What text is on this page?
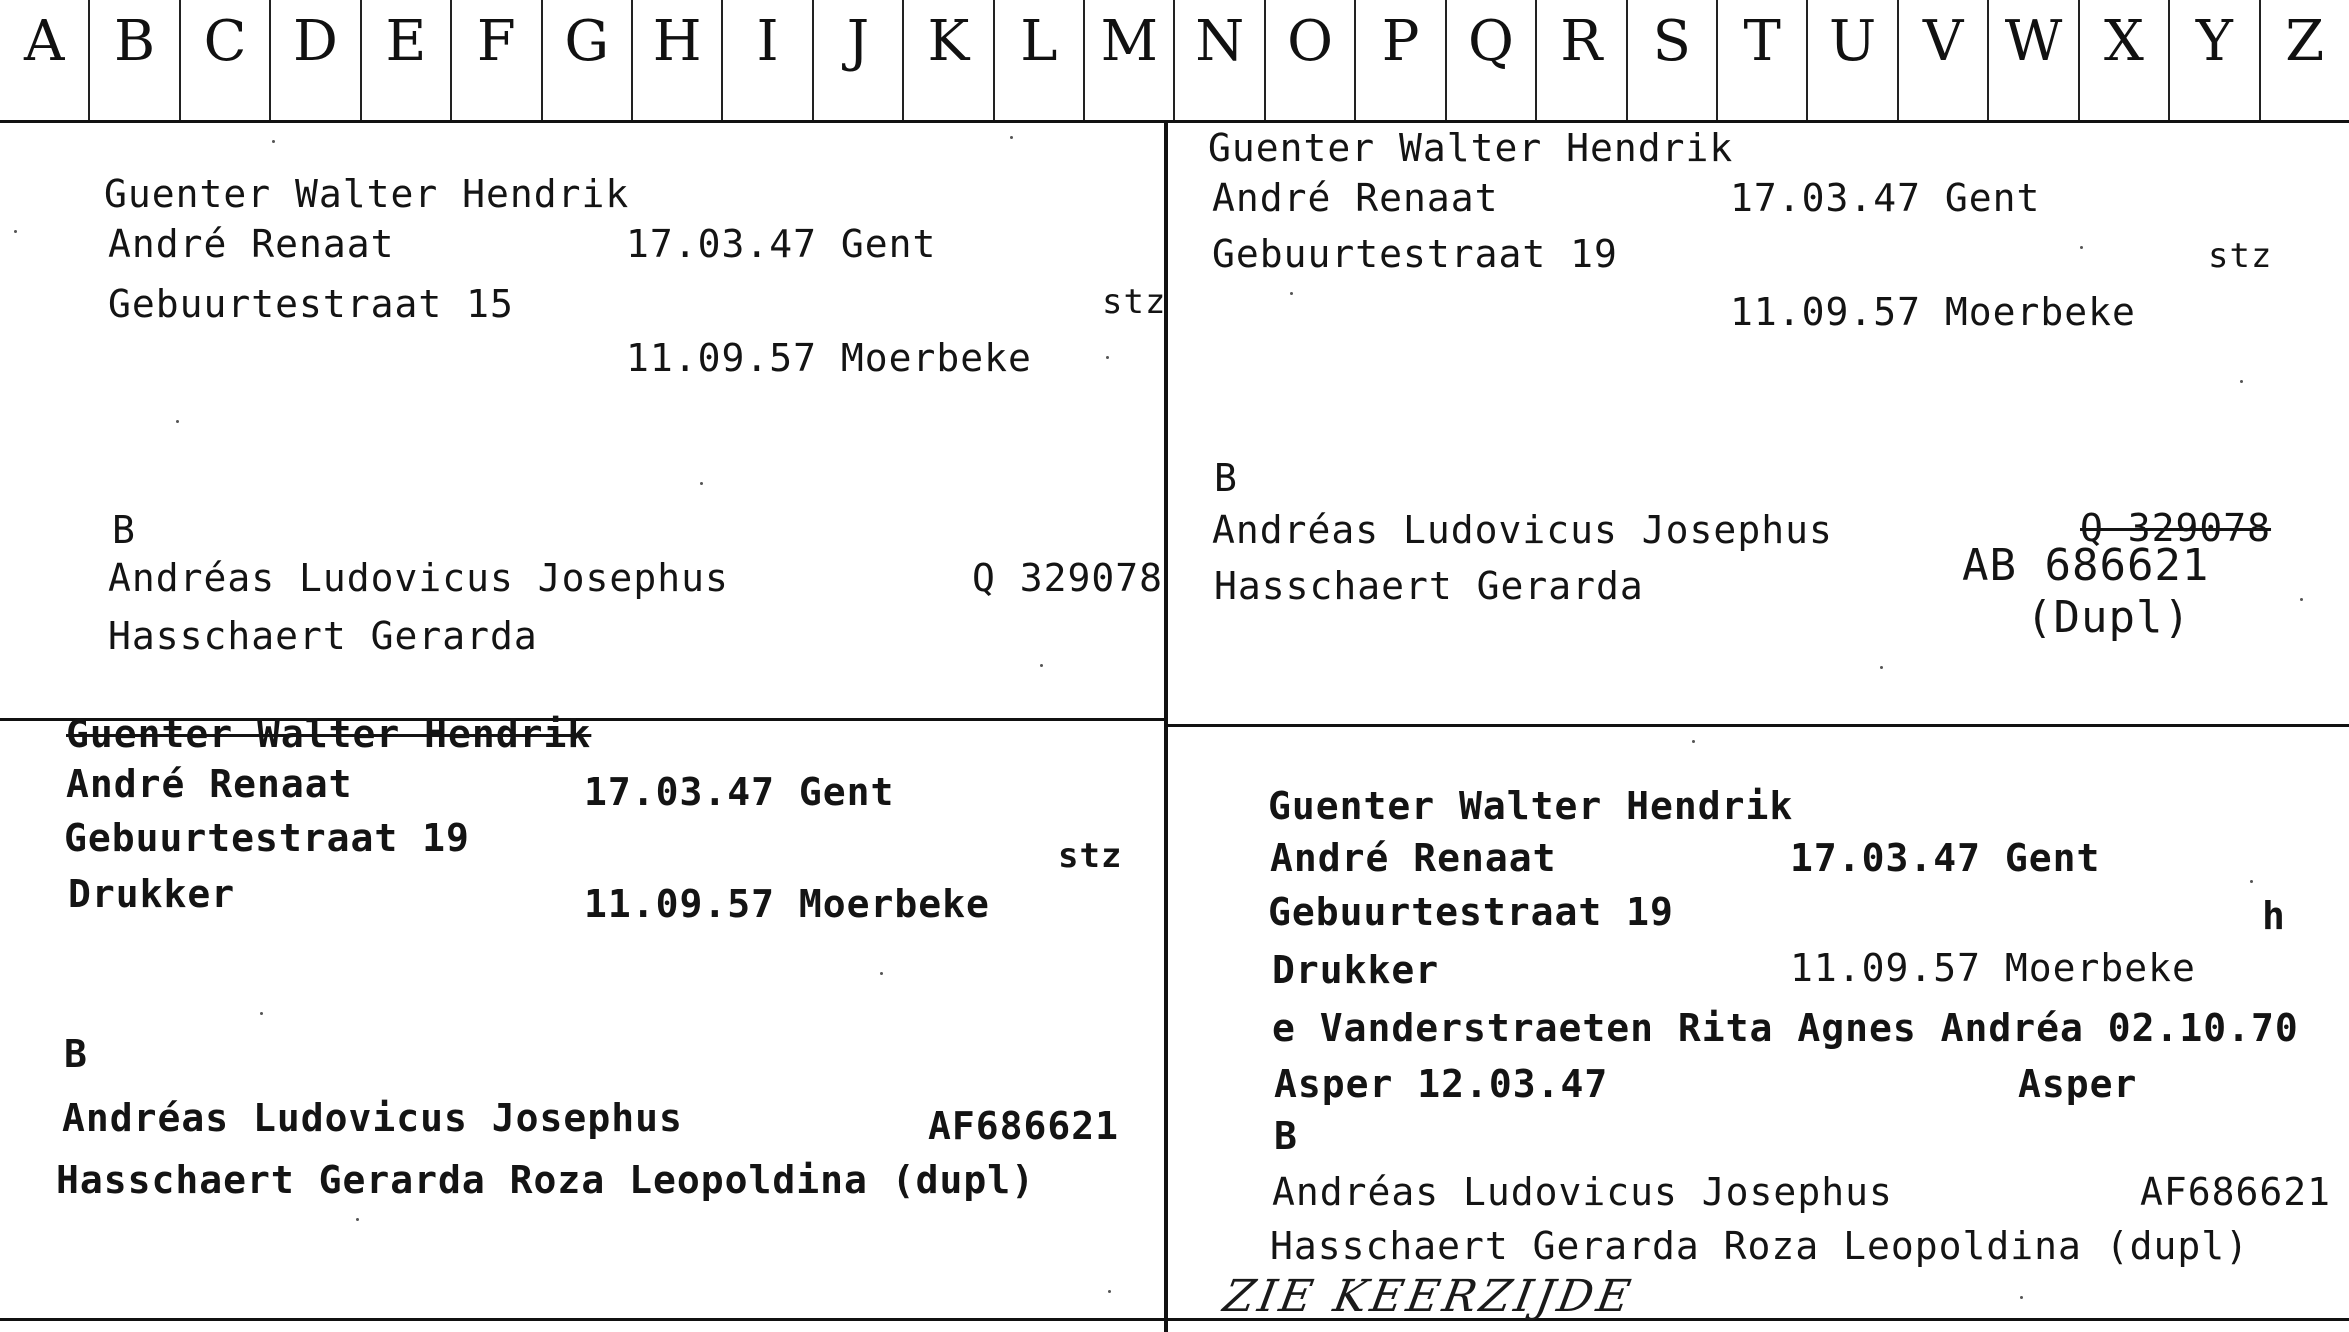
A B C D E F G H I	J	K L M N O P Q R S T U V W X Y Z
Guenter Walter Hendrik
André Renaat	17.03.47 Gent
Gebuurtestraat 15	stz
11.09.57 Moerbeke
B
Andréas Ludovicus Josephus	Q 329078
Hasschaert Gerarda
Guenter Walter Hendrik
André Renaat	17.03.47 Gent
Gebuurtestraat 19	stz
11.09.57 Moerbeke
B
Andréas Ludovicus Josephus	Q 329078
Hasschaert Gerarda	AB 686621
(Dupl)
Guenter Walter Hendrik
André Renaat	17.03.47 Gent
Gebuurtestraat 19	stz
Drukker	11.09.57 Moerbeke
B
Andréas Ludovicus Josephus	AF686621
Hasschaert Gerarda Roza Leopoldina (dupl)
Guenter Walter Hendrik
André Renaat	17.03.47 Gent
Gebuurtestraat 19	h
Drukker	11.09.57 Moerbeke
e Vanderstraeten Rita Agnes Andréa 02.10.70
Asper 12.03.47	Asper
B
Andréas Ludovicus Josephus	AF686621
Hasschaert Gerarda Roza Leopoldina (dupl)
ZIE KEERZIJDE
